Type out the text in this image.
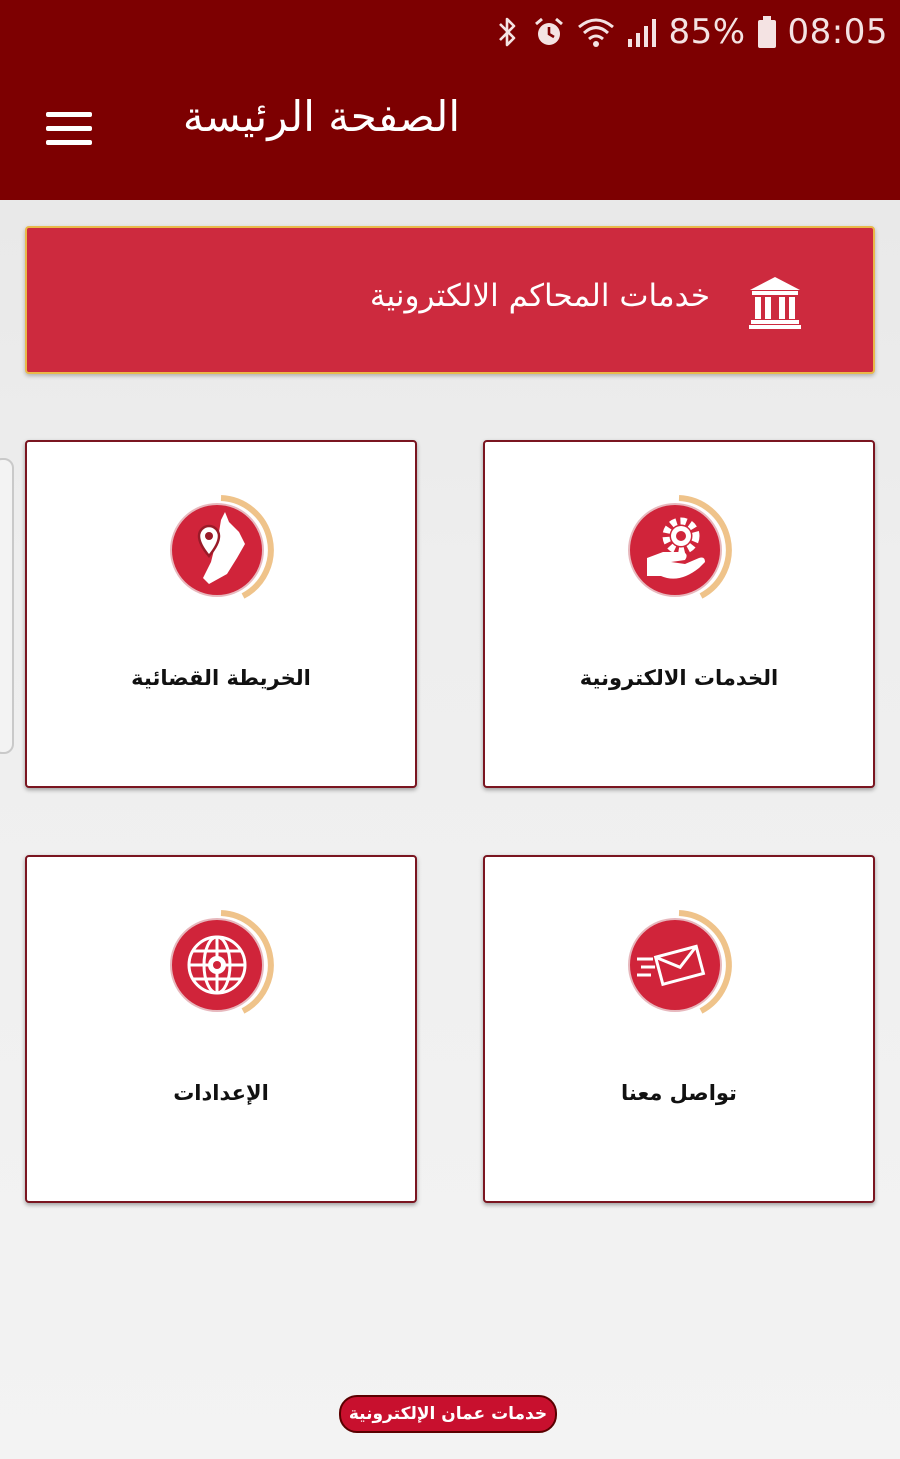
85% 08:05
الصفحة الرئيسة
خدمات المحاكم الالكترونية
الخدمات الالكترونية
الخريطة القضائية
تواصل معنا
الإعدادات
خدمات عمان الإلكترونية
